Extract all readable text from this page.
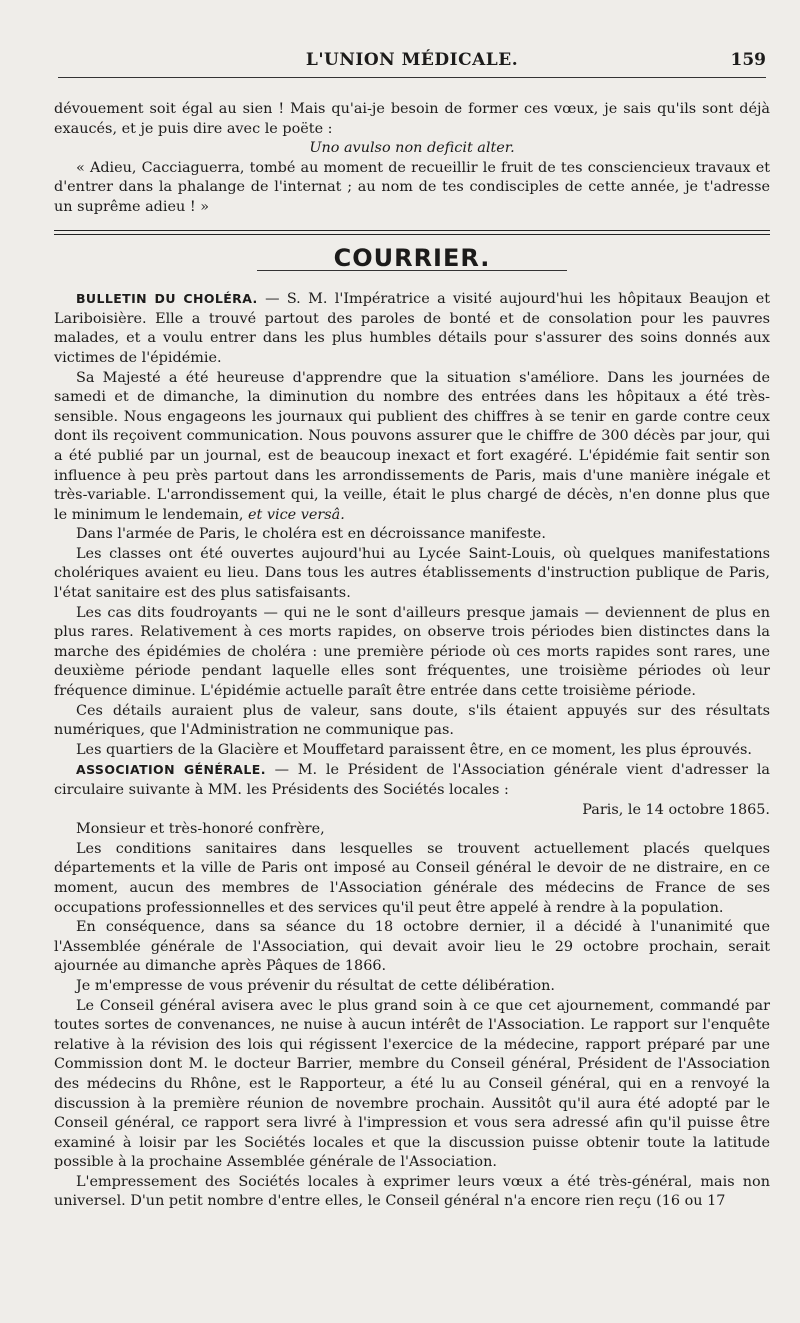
L'UNION MÉDICALE.	159

dévouement soit égal au sien ! Mais qu'ai-je besoin de former ces vœux, je sais qu'ils sont déjà exaucés, et je puis dire avec le poëte :

Uno avulso non deficit alter.

« Adieu, Cacciaguerra, tombé au moment de recueillir le fruit de tes consciencieux travaux et d'entrer dans la phalange de l'internat ; au nom de tes condisciples de cette année, je t'adresse un suprême adieu ! »

COURRIER.

BULLETIN DU CHOLÉRA. — S. M. l'Impératrice a visité aujourd'hui les hôpitaux Beaujon et Lariboisière. Elle a trouvé partout des paroles de bonté et de consolation pour les pauvres malades, et a voulu entrer dans les plus humbles détails pour s'assurer des soins donnés aux victimes de l'épidémie.

Sa Majesté a été heureuse d'apprendre que la situation s'améliore. Dans les journées de samedi et de dimanche, la diminution du nombre des entrées dans les hôpitaux a été très-sensible. Nous engageons les journaux qui publient des chiffres à se tenir en garde contre ceux dont ils reçoivent communication. Nous pouvons assurer que le chiffre de 300 décès par jour, qui a été publié par un journal, est de beaucoup inexact et fort exagéré. L'épidémie fait sentir son influence à peu près partout dans les arrondissements de Paris, mais d'une manière inégale et très-variable. L'arrondissement qui, la veille, était le plus chargé de décès, n'en donne plus que le minimum le lendemain, et vice versâ.

Dans l'armée de Paris, le choléra est en décroissance manifeste.

Les classes ont été ouvertes aujourd'hui au Lycée Saint-Louis, où quelques manifestations cholériques avaient eu lieu. Dans tous les autres établissements d'instruction publique de Paris, l'état sanitaire est des plus satisfaisants.

Les cas dits foudroyants — qui ne le sont d'ailleurs presque jamais — deviennent de plus en plus rares. Relativement à ces morts rapides, on observe trois périodes bien distinctes dans la marche des épidémies de choléra : une première période où ces morts rapides sont rares, une deuxième période pendant laquelle elles sont fréquentes, une troisième périodes où leur fréquence diminue. L'épidémie actuelle paraît être entrée dans cette troisième période.

Ces détails auraient plus de valeur, sans doute, s'ils étaient appuyés sur des résultats numériques, que l'Administration ne communique pas.

Les quartiers de la Glacière et Mouffetard paraissent être, en ce moment, les plus éprouvés.

ASSOCIATION GÉNÉRALE. — M. le Président de l'Association générale vient d'adresser la circulaire suivante à MM. les Présidents des Sociétés locales :

Paris, le 14 octobre 1865.

Monsieur et très-honoré confrère,

Les conditions sanitaires dans lesquelles se trouvent actuellement placés quelques départements et la ville de Paris ont imposé au Conseil général le devoir de ne distraire, en ce moment, aucun des membres de l'Association générale des médecins de France de ses occupations professionnelles et des services qu'il peut être appelé à rendre à la population.

En conséquence, dans sa séance du 18 octobre dernier, il a décidé à l'unanimité que l'Assemblée générale de l'Association, qui devait avoir lieu le 29 octobre prochain, serait ajournée au dimanche après Pâques de 1866.

Je m'empresse de vous prévenir du résultat de cette délibération.

Le Conseil général avisera avec le plus grand soin à ce que cet ajournement, commandé par toutes sortes de convenances, ne nuise à aucun intérêt de l'Association. Le rapport sur l'enquête relative à la révision des lois qui régissent l'exercice de la médecine, rapport préparé par une Commission dont M. le docteur Barrier, membre du Conseil général, Président de l'Association des médecins du Rhône, est le Rapporteur, a été lu au Conseil général, qui en a renvoyé la discussion à la première réunion de novembre prochain. Aussitôt qu'il aura été adopté par le Conseil général, ce rapport sera livré à l'impression et vous sera adressé afin qu'il puisse être examiné à loisir par les Sociétés locales et que la discussion puisse obtenir toute la latitude possible à la prochaine Assemblée générale de l'Association.

L'empressement des Sociétés locales à exprimer leurs vœux a été très-général, mais non universel. D'un petit nombre d'entre elles, le Conseil général n'a encore rien reçu (16 ou 17
